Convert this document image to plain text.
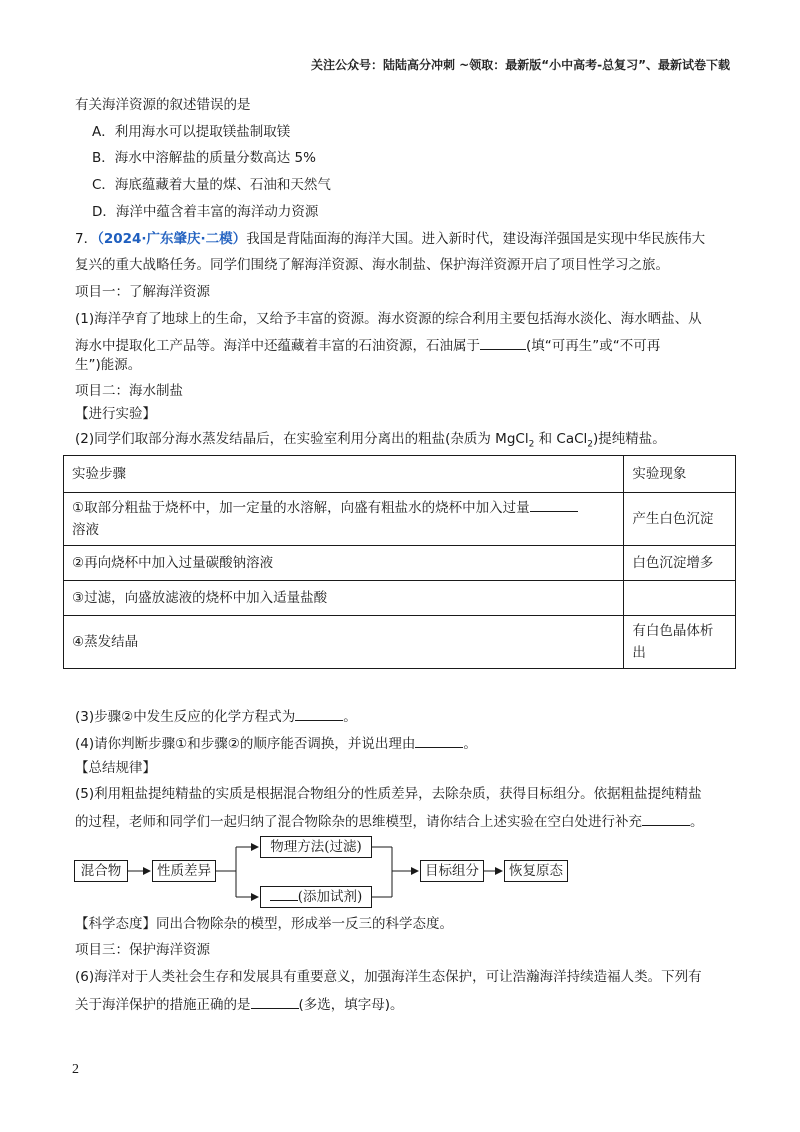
关注公众号：陆陆高分冲刺 ~领取：最新版“小中高考-总复习”、最新试卷下载
有关海洋资源的叙述错误的是
A．利用海水可以提取镁盐制取镁
B．海水中溶解盐的质量分数高达 5%
C．海底蕴藏着大量的煤、石油和天然气
D．海洋中蕴含着丰富的海洋动力资源
7．（2024·广东肇庆·二模）我国是背陆面海的海洋大国。进入新时代，建设海洋强国是实现中华民族伟大
复兴的重大战略任务。同学们围绕了解海洋资源、海水制盐、保护海洋资源开启了项目性学习之旅。
项目一：了解海洋资源
(1)海洋孕育了地球上的生命，又给予丰富的资源。海水资源的综合利用主要包括海水淡化、海水晒盐、从
海水中提取化工产品等。海洋中还蕴藏着丰富的石油资源，石油属于	(填“可再生”或“不可再
生”)能源。
项目二：海水制盐
【进行实验】
(2)同学们取部分海水蒸发结晶后，在实验室利用分离出的粗盐(杂质为 MgCl$_2$ 和 CaCl$_2$)提纯精盐。
实验步骤	实验现象
①取部分粗盐于烧杯中，加一定量的水溶解，向盛有粗盐水的烧杯中加入过量
溶液	产生白色沉淀
②再向烧杯中加入过量碳酸钠溶液	白色沉淀增多
③过滤，向盛放滤液的烧杯中加入适量盐酸	
④蒸发结晶	有白色晶体析
出
(3)步骤②中发生反应的化学方程式为	。
(4)请你判断步骤①和步骤②的顺序能否调换，并说出理由	。
【总结规律】
(5)利用粗盐提纯精盐的实质是根据混合物组分的性质差异，去除杂质，获得目标组分。依据粗盐提纯精盐
的过程，老师和同学们一起归纳了混合物除杂的思维模型，请你结合上述实验在空白处进行补充	。
混合物	性质差异
物理方法(过滤)
(添加试剂)
目标组分	恢复原态
【科学态度】同出合物除杂的模型，形成举一反三的科学态度。
项目三：保护海洋资源
(6)海洋对于人类社会生存和发展具有重要意义，加强海洋生态保护，可让浩瀚海洋持续造福人类。下列有
关于海洋保护的措施正确的是	(多选，填字母)。
2
